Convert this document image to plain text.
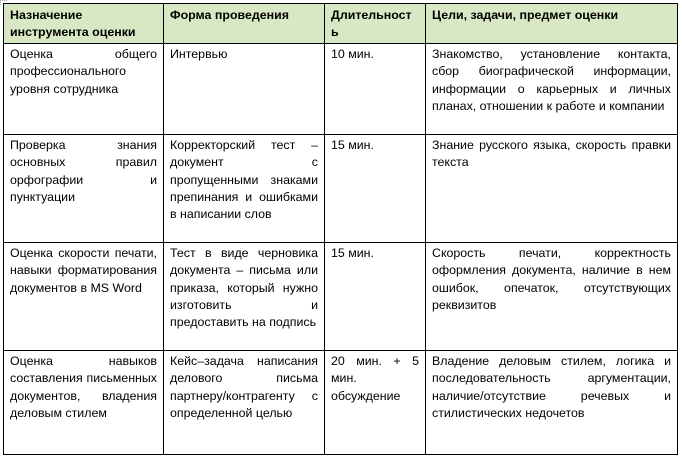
Назначение
инструмента оценки	Форма проведения	Длительность	Цели, задачи, предмет оценки

Оценка общего профессионального уровня сотрудника	Интервью	10 мин.	Знакомство, установление контакта, сбор биографической информации, информации о карьерных и личных планах, отношении к работе и компании
Проверка знания основных правил орфографии и пунктуации	Корректорский тест – документ с пропущенными знаками препинания и ошибками в написании слов	15 мин.	Знание русского языка, скорость правки текста
Оценка скорости печати, навыки форматирования документов в MS Word	Тест в виде черновика документа – письма или приказа, который нужно изготовить и предоставить на подпись	15 мин.	Скорость печати, корректность оформления документа, наличие в нем ошибок, опечаток, отсутствующих реквизитов
Оценка навыков составления письменных документов, владения деловым стилем	Кейс–задача написания делового письма партнеру/контрагенту с определенной целью	20 мин. + 5 мин. обсуждение	Владение деловым стилем, логика и последовательность аргументации, наличие/отсутствие речевых и стилистических недочетов
